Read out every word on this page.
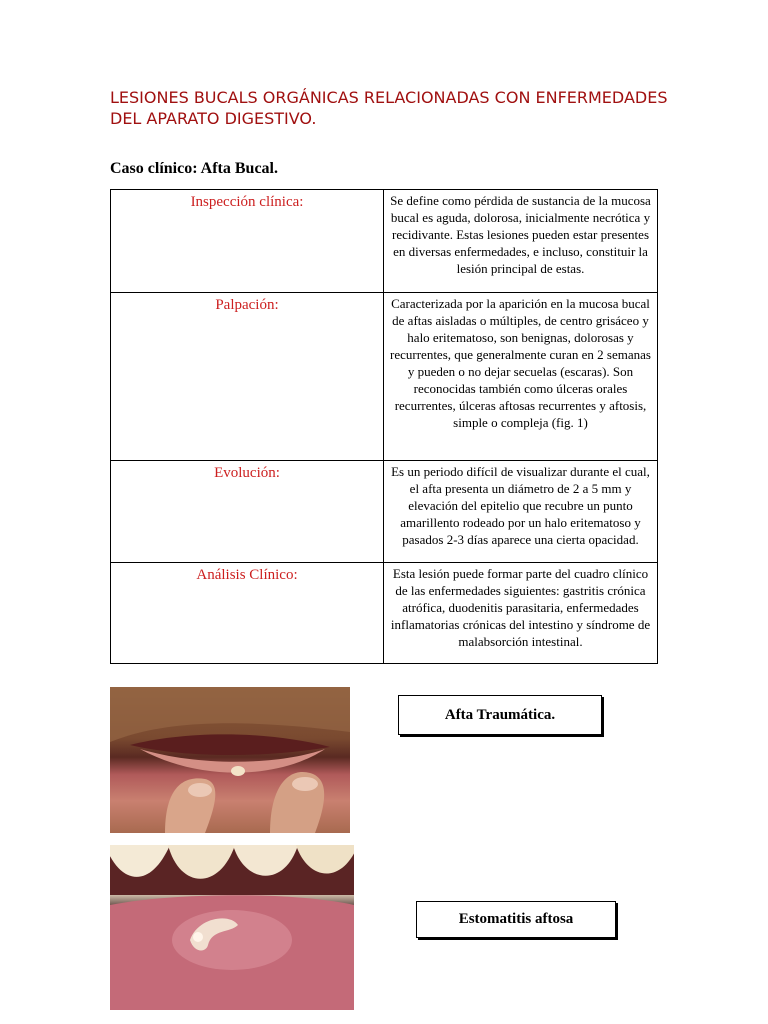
LESIONES BUCALS ORGÁNICAS RELACIONADAS CON ENFERMEDADES DEL APARATO DIGESTIVO.
Caso clínico: Afta Bucal.
Inspección clínica:	Se define como pérdida de sustancia de la mucosa bucal es aguda, dolorosa, inicialmente necrótica y recidivante. Estas lesiones pueden estar presentes en diversas enfermedades, e incluso, constituir la lesión principal de estas.
Palpación:	Caracterizada por la aparición en la mucosa bucal de aftas aisladas o múltiples, de centro grisáceo y halo eritematoso, son benignas, dolorosas y recurrentes, que generalmente curan en 2 semanas y pueden o no dejar secuelas (escaras). Son reconocidas también como úlceras orales recurrentes, úlceras aftosas recurrentes y aftosis, simple o compleja (fig. 1)
Evolución:	Es un periodo difícil de visualizar durante el cual, el afta presenta un diámetro de 2 a 5 mm y elevación del epitelio que recubre un punto amarillento rodeado por un halo eritematoso y pasados 2-3 días aparece una cierta opacidad.
Análisis Clínico:	Esta lesión puede formar parte del cuadro clínico de las enfermedades siguientes: gastritis crónica atrófica, duodenitis parasitaria, enfermedades inflamatorias crónicas del intestino y síndrome de malabsorción intestinal.
Afta Traumática.
Estomatitis aftosa
